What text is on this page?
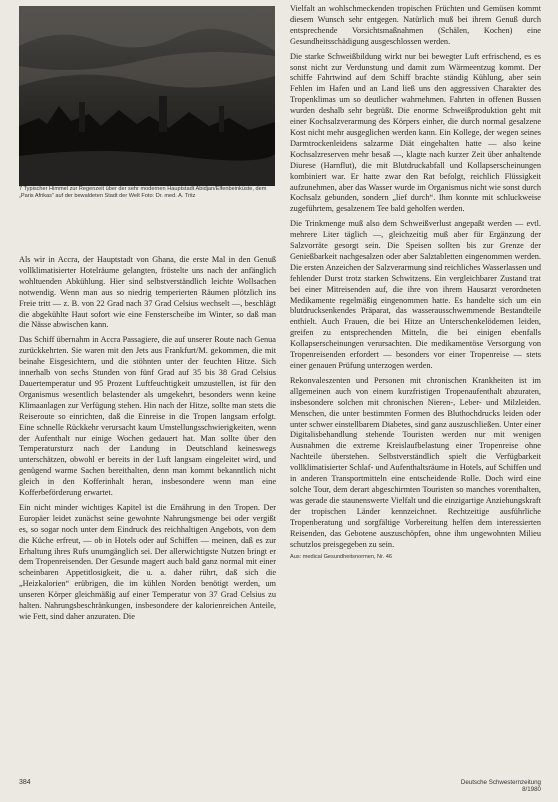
7 Typischer Himmel zur Regenzeit über der sehr modernen Hauptstadt Abidjan/Elfenbeinküste, dem „Paris Afrikas“ auf der bewaldeten Stadt der Welt Foto: Dr. med. A. Tritz

Als wir in Accra, der Hauptstadt von Ghana, die erste Mal in den Genuß vollklimatisierter Hotelräume gelangten, fröstelte uns nach der anfänglich wohltuenden Abkühlung. Hier sind selbstverständlich leichte Wollsachen notwendig. Wenn man aus so niedrig temperierten Räumen plötzlich ins Freie tritt — z. B. von 22 Grad nach 37 Grad Celsius wechselt —, beschlägt die abgekühlte Haut sofort wie eine Fensterscheibe im Winter, so daß man die Nässe abwischen kann.

Das Schiff übernahm in Accra Passagiere, die auf unserer Route nach Genua zurückkehrten. Sie waren mit den Jets aus Frankfurt/M. gekommen, die mit beinahe Eisgesichtern, und die stöhnten unter der feuchten Hitze. Sich innerhalb von sechs Stunden von fünf Grad auf 35 bis 38 Grad Celsius Dauertemperatur und 95 Prozent Luftfeuchtigkeit umzustellen, ist für den Organismus wesentlich belastender als umgekehrt, besonders wenn keine Klimaanlagen zur Verfügung stehen. Hin nach der Hitze, sollte man stets die Reiseroute so einrichten, daß die Einreise in die Tropen langsam erfolgt. Eine schnelle Rückkehr verursacht kaum Umstellungsschwierigkeiten, wenn der Aufenthalt nur einige Wochen gedauert hat. Man sollte über den Temperatursturz nach der Landung in Deutschland keineswegs unterschätzen, obwohl er bereits in der Luft langsam eingeleitet wird, und genügend warme Sachen bereithalten, denn man kommt bekanntlich nicht gleich in den Kofferinhalt heran, insbesondere wenn man eine Kofferbeförderung erwartet.

Ein nicht minder wichtiges Kapitel ist die Ernährung in den Tropen. Der Europäer leidet zunächst seine gewohnte Nahrungsmenge bei oder vergißt es, so sogar noch unter dem Eindruck des reichhaltigen Angebots, von dem die Küche erfreut, — ob in Hotels oder auf Schiffen — meinen, daß es zur Erhaltung ihres Rufs unumgänglich sei. Der allerwichtigste Nutzen bringt er dem Tropenreisenden. Der Gesunde magert auch bald ganz normal mit einer scheinbaren Appetitlosigkeit, die u. a. daher rührt, daß sich die „Heizkalorien“ erübrigen, die im kühlen Norden benötigt werden, um unseren Körper gleichmäßig auf einer Temperatur von 37 Grad Celsius zu halten. Nahrungsbeschränkungen, insbesondere der kalorienreichen Anteile, wie Fett, sind daher anzuraten. Die

Vielfalt an wohlschmeckenden tropischen Früchten und Gemüsen kommt diesem Wunsch sehr entgegen. Natürlich muß bei ihrem Genuß durch entsprechende Vorsichtsmaßnahmen (Schälen, Kochen) eine Gesundheitsschädigung ausgeschlossen werden.

Die starke Schweißbildung wirkt nur bei bewegter Luft erfrischend, es es sonst nicht zur Verdunstung und damit zum Wärmeentzug kommt. Der schiffe Fahrtwind auf dem Schiff brachte ständig Kühlung, aber sein Fehlen im Hafen und an Land ließ uns den aggressiven Charakter des Tropenklimas um so deutlicher wahrnehmen. Fahrten in offenen Bussen wurden deshalb sehr begrüßt. Die enorme Schweißproduktion geht mit einer Kochsalzverarmung des Körpers einher, die durch normal gesalzene Kost nicht mehr ausgeglichen werden kann. Ein Kollege, der wegen seines Darmtrockenleidens salzarme Diät eingehalten hatte — also keine Kochsalzreserven mehr besaß —, klagte nach kurzer Zeit über anhaltende Diurese (Harnflut), die mit Blutdruckabfall und Kollapserscheinungen kombiniert war. Er hatte zwar den Rat befolgt, reichlich Flüssigkeit aufzunehmen, aber das Wasser wurde im Organismus nicht wie sonst durch Kochsalz gebunden, sondern „lief durch“. Ihm konnte mit schluckweise zugeführtem, gesalzenem Tee bald geholfen werden.

Die Trinkmenge muß also dem Schweißverlust angepaßt werden — evtl. mehrere Liter täglich —, gleichzeitig muß aber für Ergänzung der Salzvorräte gesorgt sein. Die Speisen sollten bis zur Grenze der Genießbarkeit nachgesalzen oder aber Salztabletten eingenommen werden. Die ersten Anzeichen der Salzverarmung sind reichliches Wasserlassen und fehlender Durst trotz starken Schwitzens. Ein vergleichbarer Zustand trat bei einer Mitreisenden auf, die ihre von ihrem Hausarzt verordneten Medikamente regelmäßig eingenommen hatte. Es handelte sich um ein blutdrucksenkendes Präparat, das wasserausschwemmende Bestandteile enthielt. Auch Frauen, die bei Hitze an Unterschenkelödemen leiden, greifen zu entsprechenden Mitteln, die bei einigen ebenfalls Kollapserscheinungen verursachten. Die medikamentöse Versorgung von Tropenreisenden erfordert — besonders vor einer Tropenreise — stets einer genauen Prüfung unterzogen werden.

Rekonvaleszenten und Personen mit chronischen Krankheiten ist im allgemeinen auch von einem kurzfristigen Tropenaufenthalt abzuraten, insbesondere solchen mit chronischen Nieren-, Leber- und Milzleiden. Menschen, die unter bestimmten Formen des Bluthochdrucks leiden oder unter schwer einstellbarem Diabetes, sind ganz auszuschließen. Unter einer Digitalisbehandlung stehende Touristen werden nur mit wenigen Ausnahmen die extreme Kreislaufbelastung einer Tropenreise ohne Nachteile überstehen. Selbstverständlich spielt die Verfügbarkeit vollklimatisierter Schlaf- und Aufenthaltsräume in Hotels, auf Schiffen und in anderen Transportmitteln eine entscheidende Rolle. Doch wird eine solche Tour, dem derart abgeschirmten Touristen so manches vorenthalten, was gerade die staunenswerte Vielfalt und die einzigartige Anziehungskraft der tropischen Länder kennzeichnet. Rechtzeitige ausführliche Tropenberatung und sorgfältige Vorbereitung helfen dem interessierten Reisenden, das Gebotene auszuschöpfen, ohne ihm ungewohnten Milieu schutzlos preisgegeben zu sein.

Aus: medical Gesundheitsnormen, Nr. 46
384	Deutsche Schwesternzeitung 8/1980
